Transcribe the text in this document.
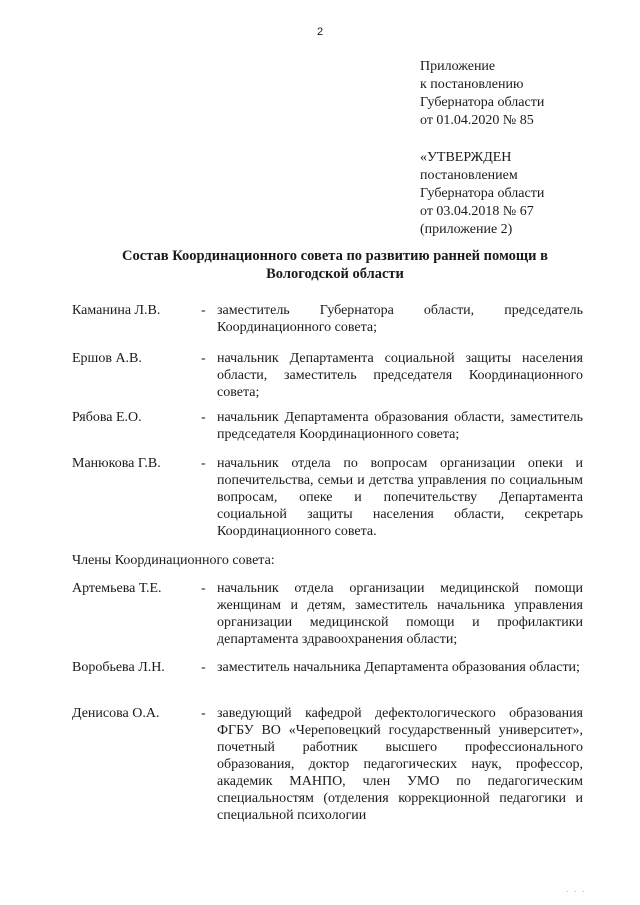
2
Приложение
к постановлению
Губернатора области
от 01.04.2020 № 85
«УТВЕРЖДЕН
постановлением
Губернатора области
от 03.04.2018 № 67
(приложение 2)
Состав Координационного совета по развитию ранней помощи в
Вологодской области
Каманина Л.В.	- заместитель Губернатора области, председатель Координационного совета;
Ершов А.В.	- начальник Департамента социальной защиты населения области, заместитель председателя Координационного совета;
Рябова Е.О.	- начальник Департамента образования области, заместитель председателя Координационного совета;
Манюкова Г.В.	- начальник отдела по вопросам организации опеки и попечительства, семьи и детства управления по социальным вопросам, опеке и попечительству Департамента социальной защиты населения области, секретарь Координационного совета.
Члены Координационного совета:
Артемьева Т.Е.	- начальник отдела организации медицинской помощи женщинам и детям, заместитель начальника управления организации медицинской помощи и профилактики департамента здравоохранения области;
Воробьева Л.Н.	- заместитель начальника Департамента образования области;
Денисова О.А.	- заведующий кафедрой дефектологического образования ФГБУ ВО «Череповецкий государственный университет», почетный работник высшего профессионального образования, доктор педагогических наук, профессор, академик МАНПО, член УМО по педагогическим специальностям (отделения коррекционной педагогики и специальной психологии
· · ·
